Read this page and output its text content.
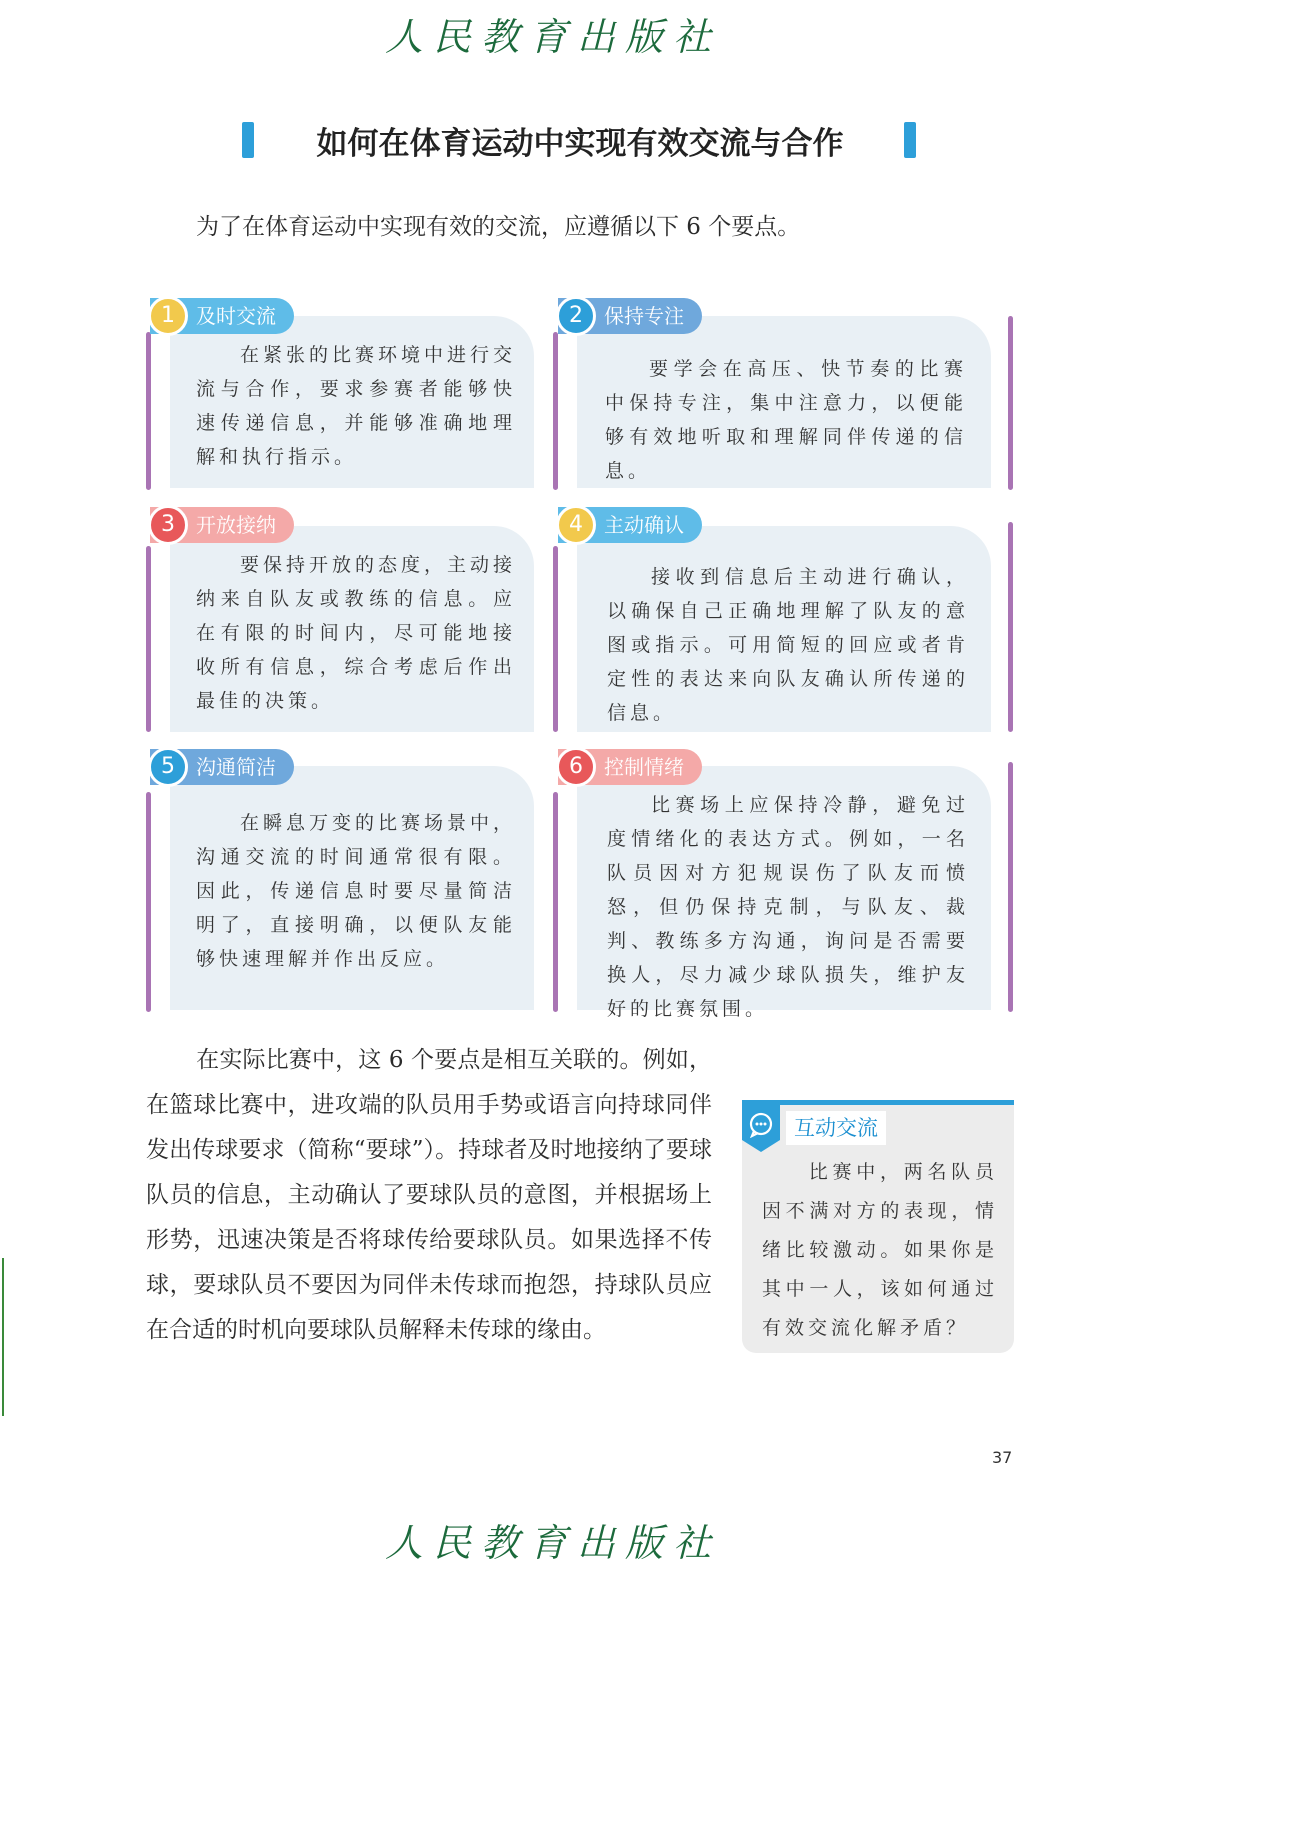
人民教育出版社
如何在体育运动中实现有效交流与合作
为了在体育运动中实现有效的交流，应遵循以下 6 个要点。
在紧张的比赛环境中进行交流与合作，要求参赛者能够快速传递信息，并能够准确地理解和执行指示。
1	及时交流
要学会在高压、快节奏的比赛中保持专注，集中注意力，以便能够有效地听取和理解同伴传递的信息。
2	保持专注
要保持开放的态度，主动接纳来自队友或教练的信息。应在有限的时间内，尽可能地接收所有信息，综合考虑后作出最佳的决策。
3	开放接纳
接收到信息后主动进行确认，以确保自己正确地理解了队友的意图或指示。可用简短的回应或者肯定性的表达来向队友确认所传递的信息。
4	主动确认
在瞬息万变的比赛场景中，沟通交流的时间通常很有限。因此，传递信息时要尽量简洁明了，直接明确，以便队友能够快速理解并作出反应。
5	沟通简洁
比赛场上应保持冷静，避免过度情绪化的表达方式。例如，一名队员因对方犯规误伤了队友而愤怒，但仍保持克制，与队友、裁判、教练多方沟通，询问是否需要换人，尽力减少球队损失，维护友好的比赛氛围。
6	控制情绪
在实际比赛中，这 6 个要点是相互关联的。例如，在篮球比赛中，进攻端的队员用手势或语言向持球同伴发出传球要求（简称“要球”）。持球者及时地接纳了要球队员的信息，主动确认了要球队员的意图，并根据场上形势，迅速决策是否将球传给要球队员。如果选择不传球，要球队员不要因为同伴未传球而抱怨，持球队员应在合适的时机向要球队员解释未传球的缘由。
互动交流
比赛中，两名队员因不满对方的表现，情绪比较激动。如果你是其中一人，该如何通过有效交流化解矛盾？
37
人民教育出版社
